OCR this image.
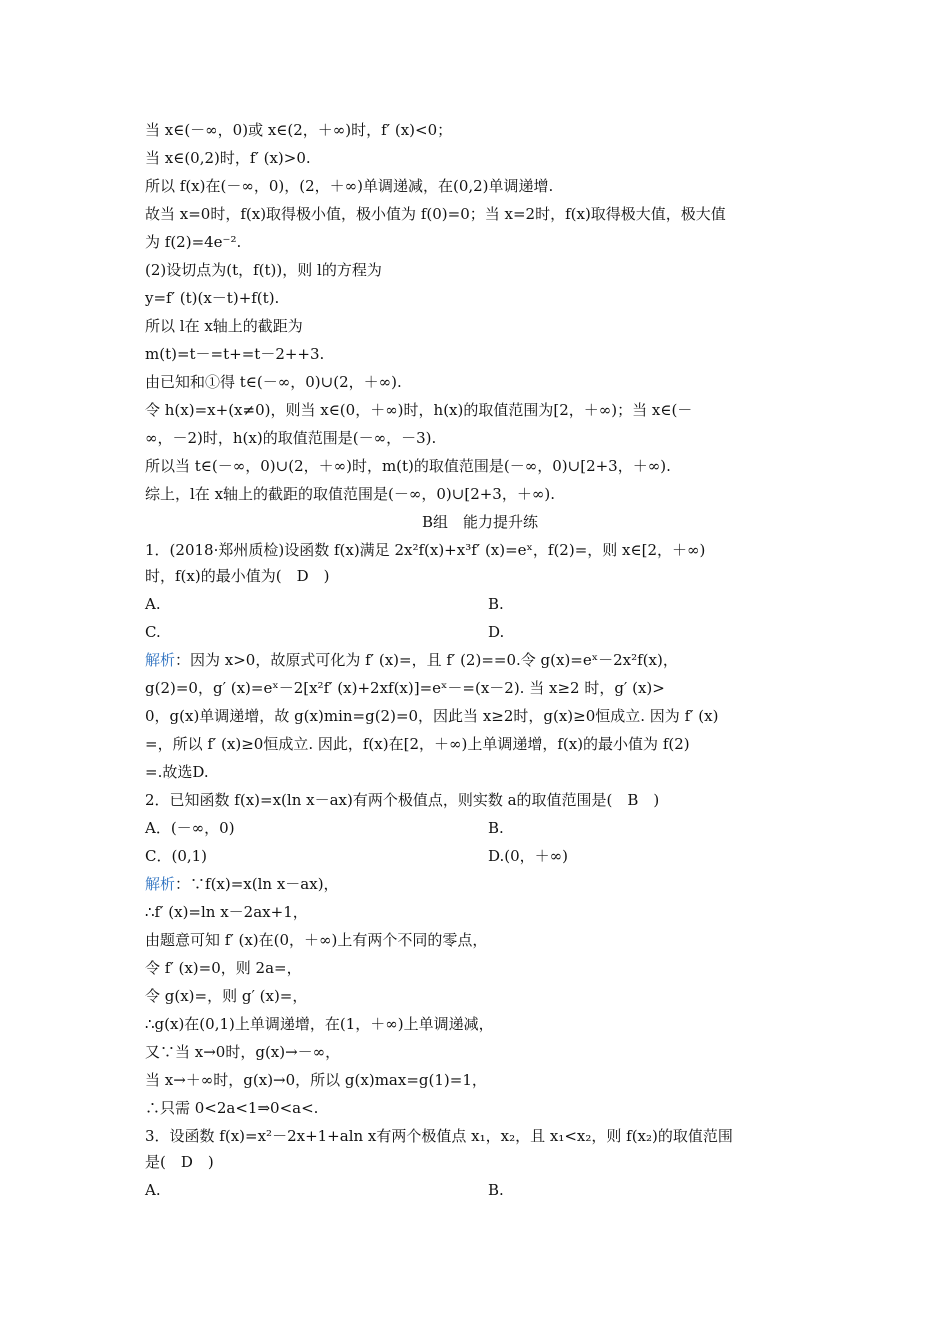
当 x∈(－∞，0)或 x∈(2，＋∞)时，f′ (x)<0；
当 x∈(0,2)时，f′ (x)>0.
所以 f(x)在(－∞，0)，(2，＋∞)单调递减，在(0,2)单调递增.
故当 x=0时，f(x)取得极小值，极小值为 f(0)=0；当 x=2时，f(x)取得极大值，极大值
为 f(2)=4e⁻².
(2)设切点为(t，f(t))，则 l的方程为
y=f′ (t)(x－t)+f(t).
所以 l在 x轴上的截距为
m(t)=t－=t+=t－2++3.
由已知和①得 t∈(－∞，0)∪(2，＋∞).
令 h(x)=x+(x≠0)，则当 x∈(0，＋∞)时，h(x)的取值范围为[2，＋∞)；当 x∈(－
∞，－2)时，h(x)的取值范围是(－∞，－3).
所以当 t∈(－∞，0)∪(2，＋∞)时，m(t)的取值范围是(－∞，0)∪[2+3，＋∞).
综上，l在 x轴上的截距的取值范围是(－∞，0)∪[2+3，＋∞).
B组　能力提升练
1．(2018·郑州质检)设函数 f(x)满足 2x²f(x)+x³f′ (x)=eˣ，f(2)=，则 x∈[2，＋∞)
时，f(x)的最小值为(　D　)
A.	B.
C.	D.
解析：因为 x>0，故原式可化为 f′ (x)=，且 f′ (2)==0.令 g(x)=eˣ－2x²f(x)，
g(2)=0，g′ (x)=eˣ－2[x²f′ (x)+2xf(x)]=eˣ－=(x－2). 当 x≥2 时，g′ (x)>
0，g(x)单调递增，故 g(x)min=g(2)=0，因此当 x≥2时，g(x)≥0恒成立. 因为 f′ (x)
=，所以 f′ (x)≥0恒成立. 因此，f(x)在[2，＋∞)上单调递增，f(x)的最小值为 f(2)
=.故选D.
2．已知函数 f(x)=x(ln x－ax)有两个极值点，则实数 a的取值范围是(　B　)
A．(－∞，0)	B.
C．(0,1)	D.(0，＋∞)
解析：∵f(x)=x(ln x－ax)，
∴f′ (x)=ln x－2ax+1，
由题意可知 f′ (x)在(0，＋∞)上有两个不同的零点，
令 f′ (x)=0，则 2a=，
令 g(x)=，则 g′ (x)=，
∴g(x)在(0,1)上单调递增，在(1，＋∞)上单调递减，
又∵当 x→0时，g(x)→－∞，
当 x→＋∞时，g(x)→0，所以 g(x)max=g(1)=1，
∴只需 0<2a<1⇒0<a<.
3．设函数 f(x)=x²－2x+1+aln x有两个极值点 x₁，x₂，且 x₁<x₂，则 f(x₂)的取值范围
是(　D　)
A.	B.
